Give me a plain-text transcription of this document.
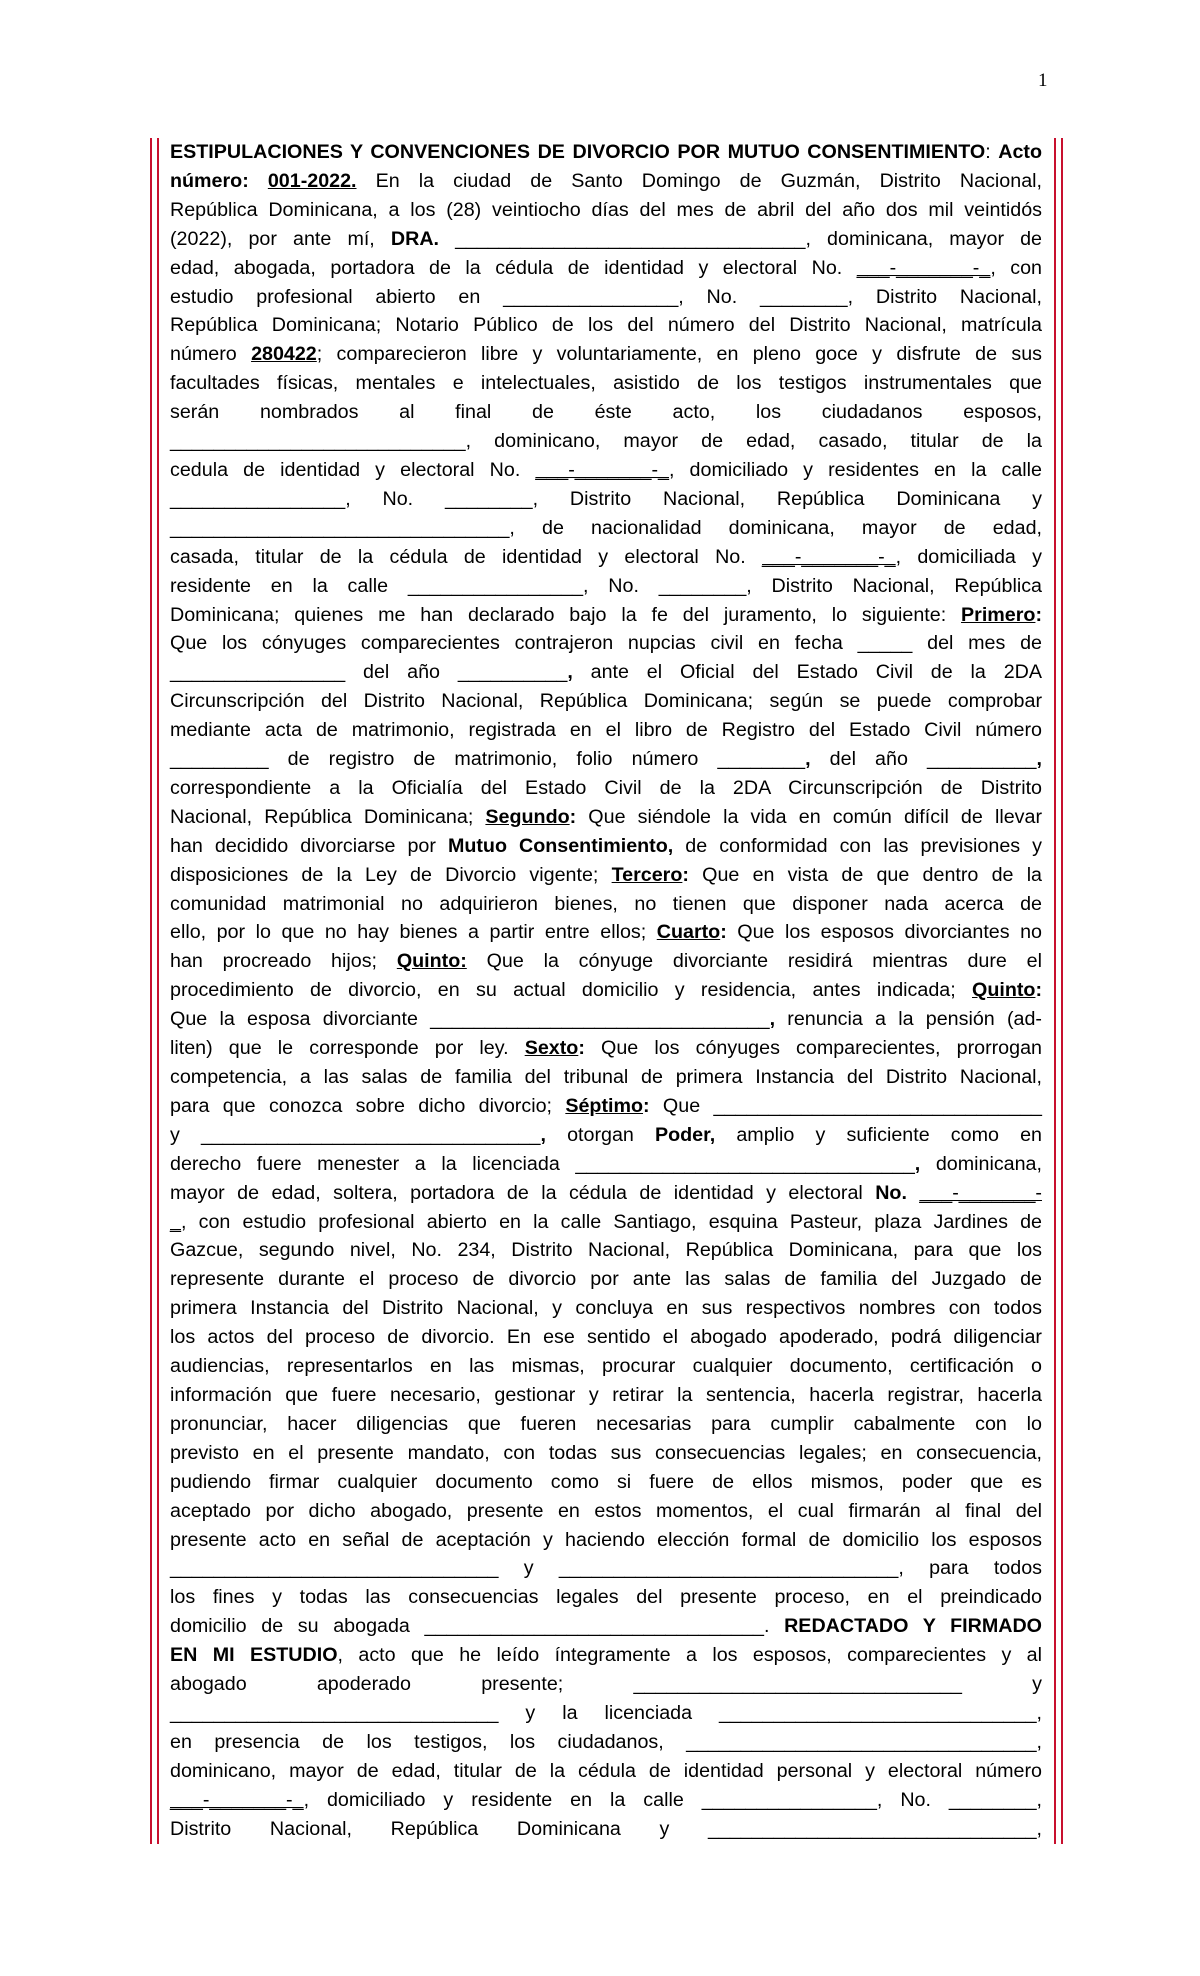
1
ESTIPULACIONES Y CONVENCIONES DE DIVORCIO POR MUTUO CONSENTIMIENTO: Acto
número: 001-2022. En la ciudad de Santo Domingo de Guzmán, Distrito Nacional,
República Dominicana, a los (28) veintiocho días del mes de abril del año dos mil veintidós
(2022), por ante mí, DRA. ________________________________, dominicana, mayor de
edad, abogada, portadora de la cédula de identidad y electoral No. ___-_______-_, con
estudio profesional abierto en ________________, No. ________, Distrito Nacional,
República Dominicana; Notario Público de los del número del Distrito Nacional, matrícula
número 280422; comparecieron libre y voluntariamente, en pleno goce y disfrute de sus
facultades físicas, mentales e intelectuales, asistido de los testigos instrumentales que
serán nombrados al final de éste acto, los ciudadanos esposos,
___________________________, dominicano, mayor de edad, casado, titular de la
cedula de identidad y electoral No. ___-_______-_, domiciliado y residentes en la calle
________________, No. ________, Distrito Nacional, República Dominicana y
_______________________________, de nacionalidad dominicana, mayor de edad,
casada, titular de la cédula de identidad y electoral No. ___-_______-_, domiciliada y
residente en la calle ________________, No. ________, Distrito Nacional, República
Dominicana; quienes me han declarado bajo la fe del juramento, lo siguiente: Primero:
Que los cónyuges comparecientes contrajeron nupcias civil en fecha _____ del mes de
________________ del año __________, ante el Oficial del Estado Civil de la 2DA
Circunscripción del Distrito Nacional, República Dominicana; según se puede comprobar
mediante acta de matrimonio, registrada en el libro de Registro del Estado Civil número
_________ de registro de matrimonio, folio número ________, del año __________,
correspondiente a la Oficialía del Estado Civil de la 2DA Circunscripción de Distrito
Nacional, República Dominicana; Segundo: Que siéndole la vida en común difícil de llevar
han decidido divorciarse por Mutuo Consentimiento, de conformidad con las previsiones y
disposiciones de la Ley de Divorcio vigente; Tercero: Que en vista de que dentro de la
comunidad matrimonial no adquirieron bienes, no tienen que disponer nada acerca de
ello, por lo que no hay bienes a partir entre ellos; Cuarto: Que los esposos divorciantes no
han procreado hijos; Quinto: Que la cónyuge divorciante residirá mientras dure el
procedimiento de divorcio, en su actual domicilio y residencia, antes indicada; Quinto:
Que la esposa divorciante _______________________________, renuncia a la pensión (ad-
liten) que le corresponde por ley. Sexto: Que los cónyuges comparecientes, prorrogan
competencia, a las salas de familia del tribunal de primera Instancia del Distrito Nacional,
para que conozca sobre dicho divorcio; Séptimo: Que ______________________________
y _______________________________, otorgan Poder, amplio y suficiente como en
derecho fuere menester a la licenciada _______________________________, dominicana,
mayor de edad, soltera, portadora de la cédula de identidad y electoral No. ___-_______-
_, con estudio profesional abierto en la calle Santiago, esquina Pasteur, plaza Jardines de
Gazcue, segundo nivel, No. 234, Distrito Nacional, República Dominicana, para que los
represente durante el proceso de divorcio por ante las salas de familia del Juzgado de
primera Instancia del Distrito Nacional, y concluya en sus respectivos nombres con todos
los actos del proceso de divorcio. En ese sentido el abogado apoderado, podrá diligenciar
audiencias, representarlos en las mismas, procurar cualquier documento, certificación o
información que fuere necesario, gestionar y retirar la sentencia, hacerla registrar, hacerla
pronunciar, hacer diligencias que fueren necesarias para cumplir cabalmente con lo
previsto en el presente mandato, con todas sus consecuencias legales; en consecuencia,
pudiendo firmar cualquier documento como si fuere de ellos mismos, poder que es
aceptado por dicho abogado, presente en estos momentos, el cual firmarán al final del
presente acto en señal de aceptación y haciendo elección formal de domicilio los esposos
______________________________ y _______________________________, para todos
los fines y todas las consecuencias legales del presente proceso, en el preindicado
domicilio de su abogada _______________________________. REDACTADO Y FIRMADO
EN MI ESTUDIO, acto que he leído íntegramente a los esposos, comparecientes y al
abogado apoderado presente; ______________________________ y
______________________________ y la licenciada _____________________________,
en presencia de los testigos, los ciudadanos, ________________________________,
dominicano, mayor de edad, titular de la cédula de identidad personal y electoral número
___-_______-_, domiciliado y residente en la calle ________________, No. ________,
Distrito Nacional, República Dominicana y ______________________________,
